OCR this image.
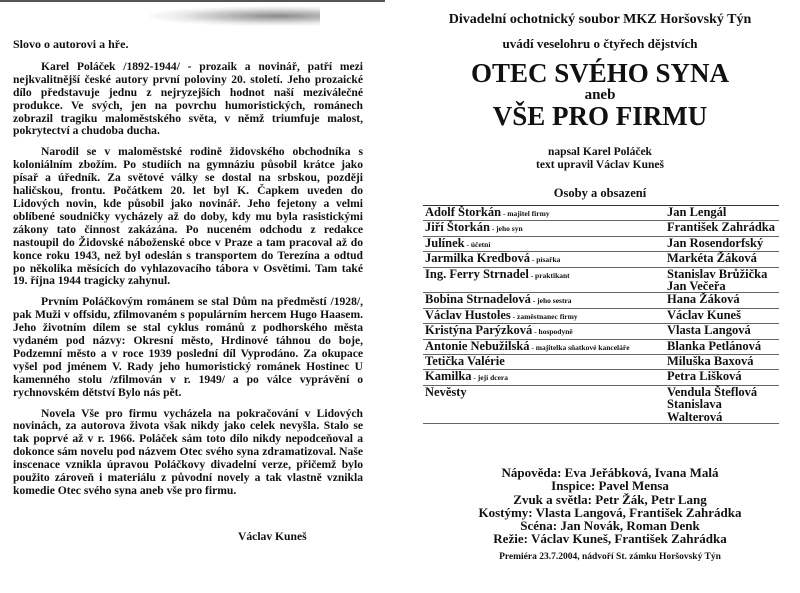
Slovo o autorovi a hře.

Karel Poláček /1892-1944/ - prozaik a novinář, patří mezi nejkvalitnější české autory první poloviny 20. století. Jeho prozaické dílo představuje jednu z nejryzejších hodnot naší meziválečné produkce. Ve svých, jen na povrchu humoristických, románech zobrazil tragiku maloměstského světa, v němž triumfuje malost, pokrytectví a chudoba ducha.

Narodil se v maloměstské rodině židovského obchodníka s koloniálním zbožím. Po studiích na gymnáziu působil krátce jako písař a úředník. Za světové války se dostal na srbskou, později haličskou, frontu. Počátkem 20. let byl K. Čapkem uveden do Lidových novin, kde působil jako novinář. Jeho fejetony a velmi oblíbené soudničky vycházely až do doby, kdy mu byla rasistickými zákony tato činnost zakázána. Po nuceném odchodu z redakce nastoupil do Židovské náboženské obce v Praze a tam pracoval až do konce roku 1943, než byl odeslán s transportem do Terezína a odtud po několika měsících do vyhlazovacího tábora v Osvětimi. Tam také 19. října 1944 tragicky zahynul.

Prvním Poláčkovým románem se stal Dům na předměstí /1928/, pak Muži v offsidu, zfilmovaném s populárním hercem Hugo Haasem. Jeho životním dílem se stal cyklus románů z podhorského města vydaném pod názvy: Okresní město, Hrdinové táhnou do boje, Podzemní město a v roce 1939 poslední díl Vyprodáno. Za okupace vyšel pod jménem V. Rady jeho humoristický románek Hostinec U kamenného stolu /zfilmován v r. 1949/ a po válce vyprávění o rychnovském dětství Bylo nás pět.

Novela Vše pro firmu vycházela na pokračování v Lidových novinách, za autorova života však nikdy jako celek nevyšla. Stalo se tak poprvé až v r. 1966. Poláček sám toto dílo nikdy nepodceňoval a dokonce sám novelu pod názvem Otec svého syna zdramatizoval. Naše inscenace vznikla úpravou Poláčkovy divadelní verze, přičemž bylo použito zároveň i materiálu z původní novely a tak vlastně vznikla komedie Otec svého syna aneb vše pro firmu.

Václav Kuneš
Divadelní ochotnický soubor MKZ Horšovský Týn
uvádí veselohru o čtyřech dějstvích
OTEC SVÉHO SYNA
aneb
VŠE PRO FIRMU
napsal Karel Poláček
text upravil Václav Kuneš
Osoby a obsazení
Adolf Štorkán - majitel firmy	Jan Lengál

Jiří Štorkán - jeho syn	František Zahrádka

Julínek - účetní	Jan Rosendorfský

Jarmilka Kredbová - písařka	Markéta Žáková

Ing. Ferry Strnadel - praktikant	Stanislav Brůžička
Jan Večeřa

Bobina Strnadelová - jeho sestra	Hana Žáková

Václav Hustoles - zaměstnanec firmy	Václav Kuneš

Kristýna Parýzková - hospodyně	Vlasta Langová

Antonie Nebužilská - majitelka sňatkové kanceláře	Blanka Petlánová

Tetička Valérie	Miluška Baxová

Kamilka - její dcera	Petra Lišková

Nevěsty	Vendula Šteflová
Stanislava Walterová
Nápověda: Eva Jeřábková, Ivana Malá
Inspice: Pavel Mensa
Zvuk a světla: Petr Žák, Petr Lang
Kostýmy: Vlasta Langová, František Zahrádka
Scéna: Jan Novák, Roman Denk
Režie: Václav Kuneš, František Zahrádka
Premiéra 23.7.2004, nádvoří St. zámku Horšovský Týn
